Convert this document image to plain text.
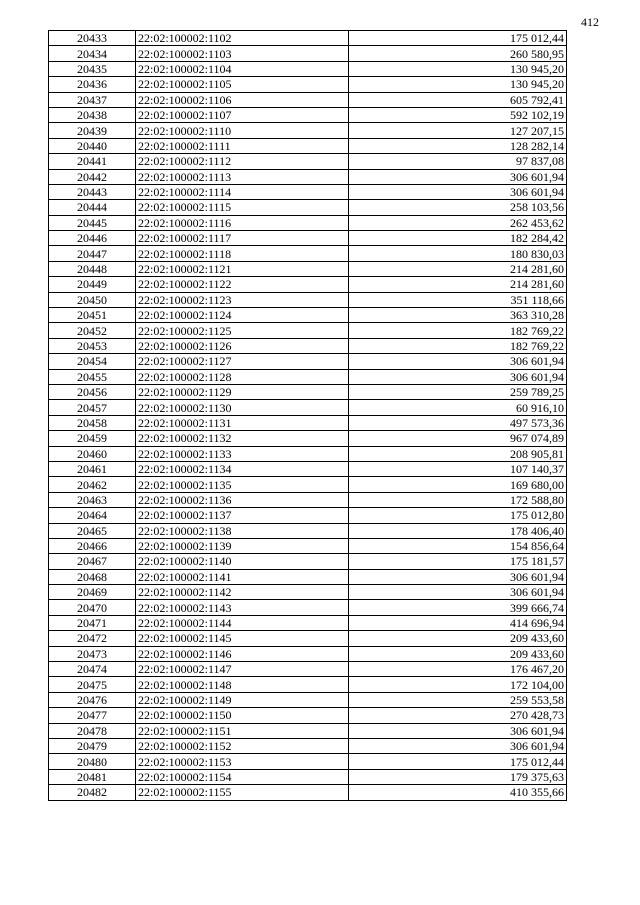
412
20433	22:02:100002:1102	175 012,44
20434	22:02:100002:1103	260 580,95
20435	22:02:100002:1104	130 945,20
20436	22:02:100002:1105	130 945,20
20437	22:02:100002:1106	605 792,41
20438	22:02:100002:1107	592 102,19
20439	22:02:100002:1110	127 207,15
20440	22:02:100002:1111	128 282,14
20441	22:02:100002:1112	97 837,08
20442	22:02:100002:1113	306 601,94
20443	22:02:100002:1114	306 601,94
20444	22:02:100002:1115	258 103,56
20445	22:02:100002:1116	262 453,62
20446	22:02:100002:1117	182 284,42
20447	22:02:100002:1118	180 830,03
20448	22:02:100002:1121	214 281,60
20449	22:02:100002:1122	214 281,60
20450	22:02:100002:1123	351 118,66
20451	22:02:100002:1124	363 310,28
20452	22:02:100002:1125	182 769,22
20453	22:02:100002:1126	182 769,22
20454	22:02:100002:1127	306 601,94
20455	22:02:100002:1128	306 601,94
20456	22:02:100002:1129	259 789,25
20457	22:02:100002:1130	60 916,10
20458	22:02:100002:1131	497 573,36
20459	22:02:100002:1132	967 074,89
20460	22:02:100002:1133	208 905,81
20461	22:02:100002:1134	107 140,37
20462	22:02:100002:1135	169 680,00
20463	22:02:100002:1136	172 588,80
20464	22:02:100002:1137	175 012,80
20465	22:02:100002:1138	178 406,40
20466	22:02:100002:1139	154 856,64
20467	22:02:100002:1140	175 181,57
20468	22:02:100002:1141	306 601,94
20469	22:02:100002:1142	306 601,94
20470	22:02:100002:1143	399 666,74
20471	22:02:100002:1144	414 696,94
20472	22:02:100002:1145	209 433,60
20473	22:02:100002:1146	209 433,60
20474	22:02:100002:1147	176 467,20
20475	22:02:100002:1148	172 104,00
20476	22:02:100002:1149	259 553,58
20477	22:02:100002:1150	270 428,73
20478	22:02:100002:1151	306 601,94
20479	22:02:100002:1152	306 601,94
20480	22:02:100002:1153	175 012,44
20481	22:02:100002:1154	179 375,63
20482	22:02:100002:1155	410 355,66
